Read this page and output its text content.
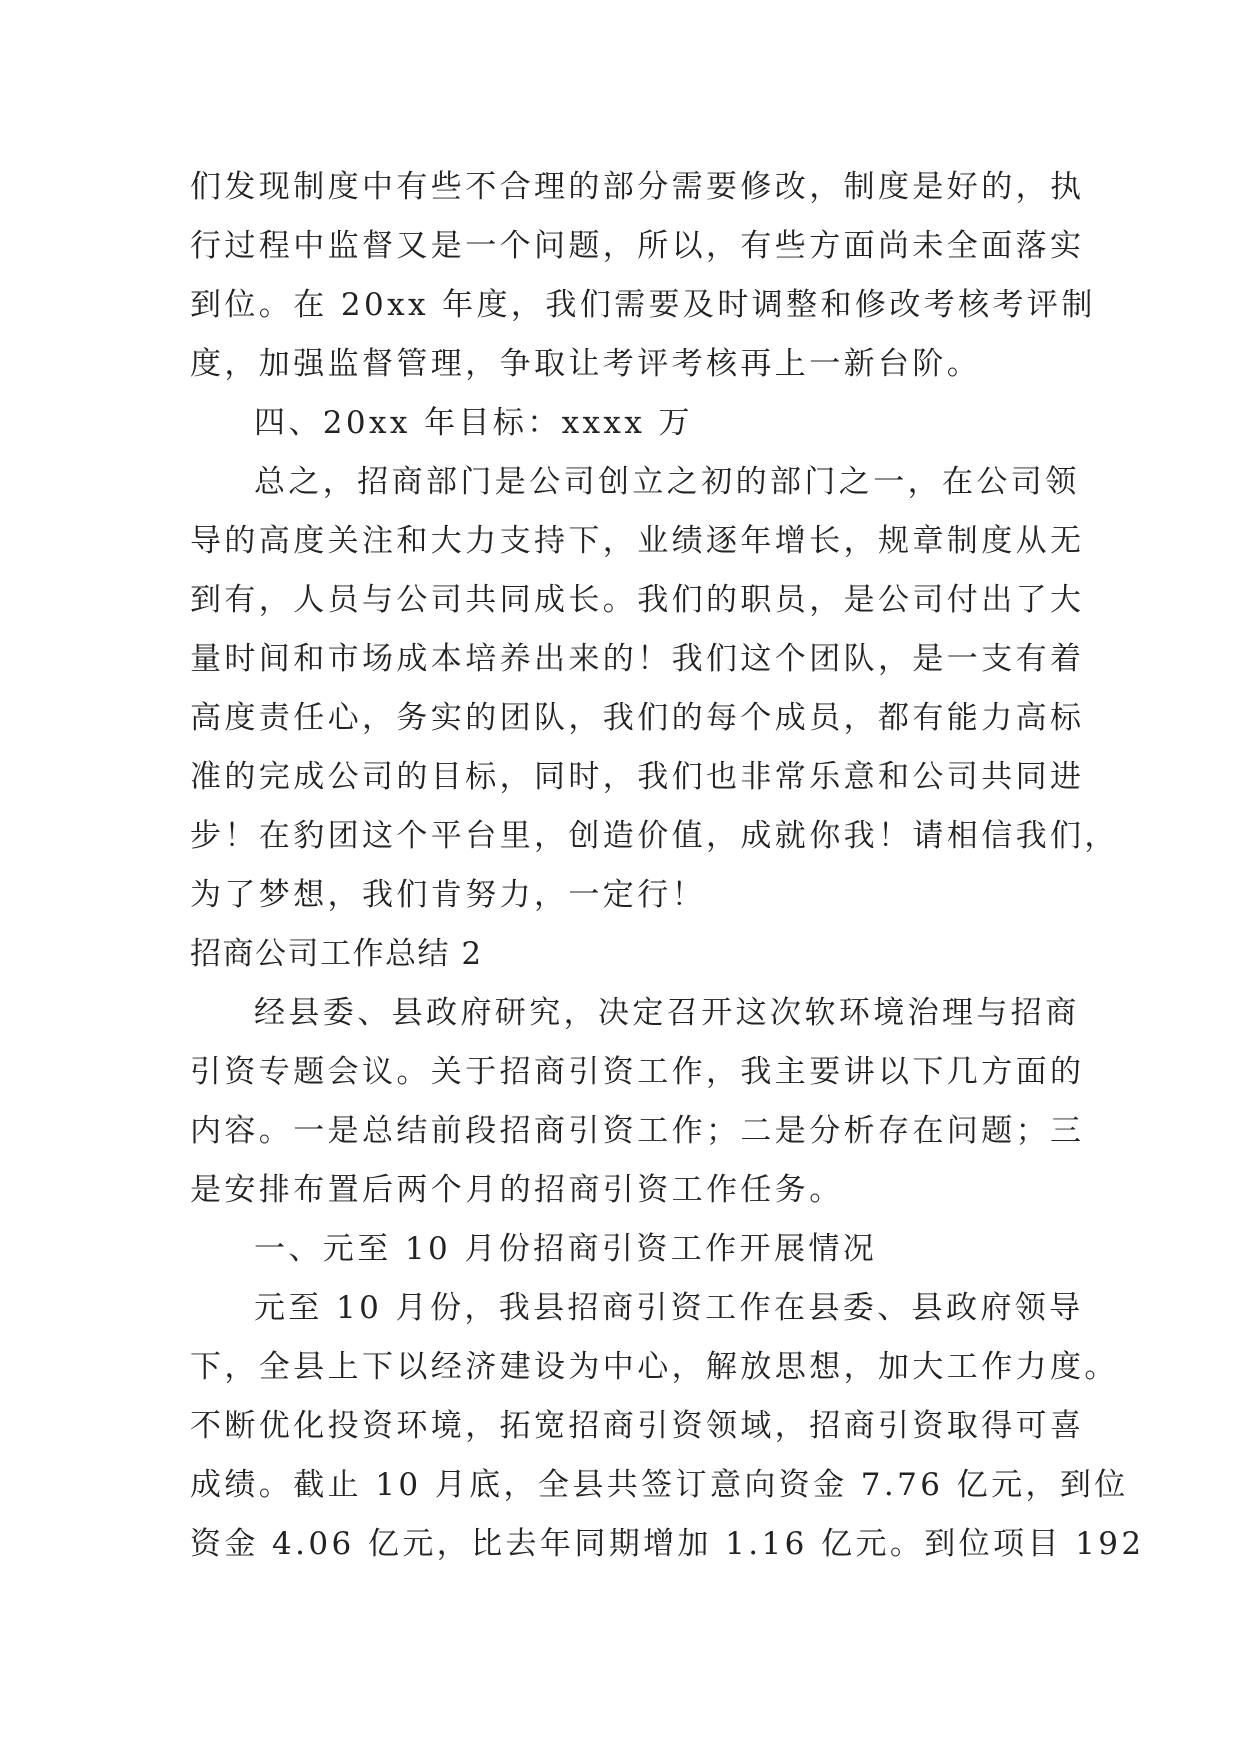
们发现制度中有些不合理的部分需要修改，制度是好的，执
行过程中监督又是一个问题，所以，有些方面尚未全面落实
到位。在 20xx 年度，我们需要及时调整和修改考核考评制
度，加强监督管理，争取让考评考核再上一新台阶。
四、20xx 年目标：xxxx 万
总之，招商部门是公司创立之初的部门之一，在公司领
导的高度关注和大力支持下，业绩逐年增长，规章制度从无
到有，人员与公司共同成长。我们的职员，是公司付出了大
量时间和市场成本培养出来的！我们这个团队，是一支有着
高度责任心，务实的团队，我们的每个成员，都有能力高标
准的完成公司的目标，同时，我们也非常乐意和公司共同进
步！在豹团这个平台里，创造价值，成就你我！请相信我们，
为了梦想，我们肯努力，一定行！
招商公司工作总结 2
经县委、县政府研究，决定召开这次软环境治理与招商
引资专题会议。关于招商引资工作，我主要讲以下几方面的
内容。一是总结前段招商引资工作；二是分析存在问题；三
是安排布置后两个月的招商引资工作任务。
一、元至 10 月份招商引资工作开展情况
元至 10 月份，我县招商引资工作在县委、县政府领导
下，全县上下以经济建设为中心，解放思想，加大工作力度。
不断优化投资环境，拓宽招商引资领域，招商引资取得可喜
成绩。截止 10 月底，全县共签订意向资金 7.76 亿元，到位
资金 4.06 亿元，比去年同期增加 1.16 亿元。到位项目 192
